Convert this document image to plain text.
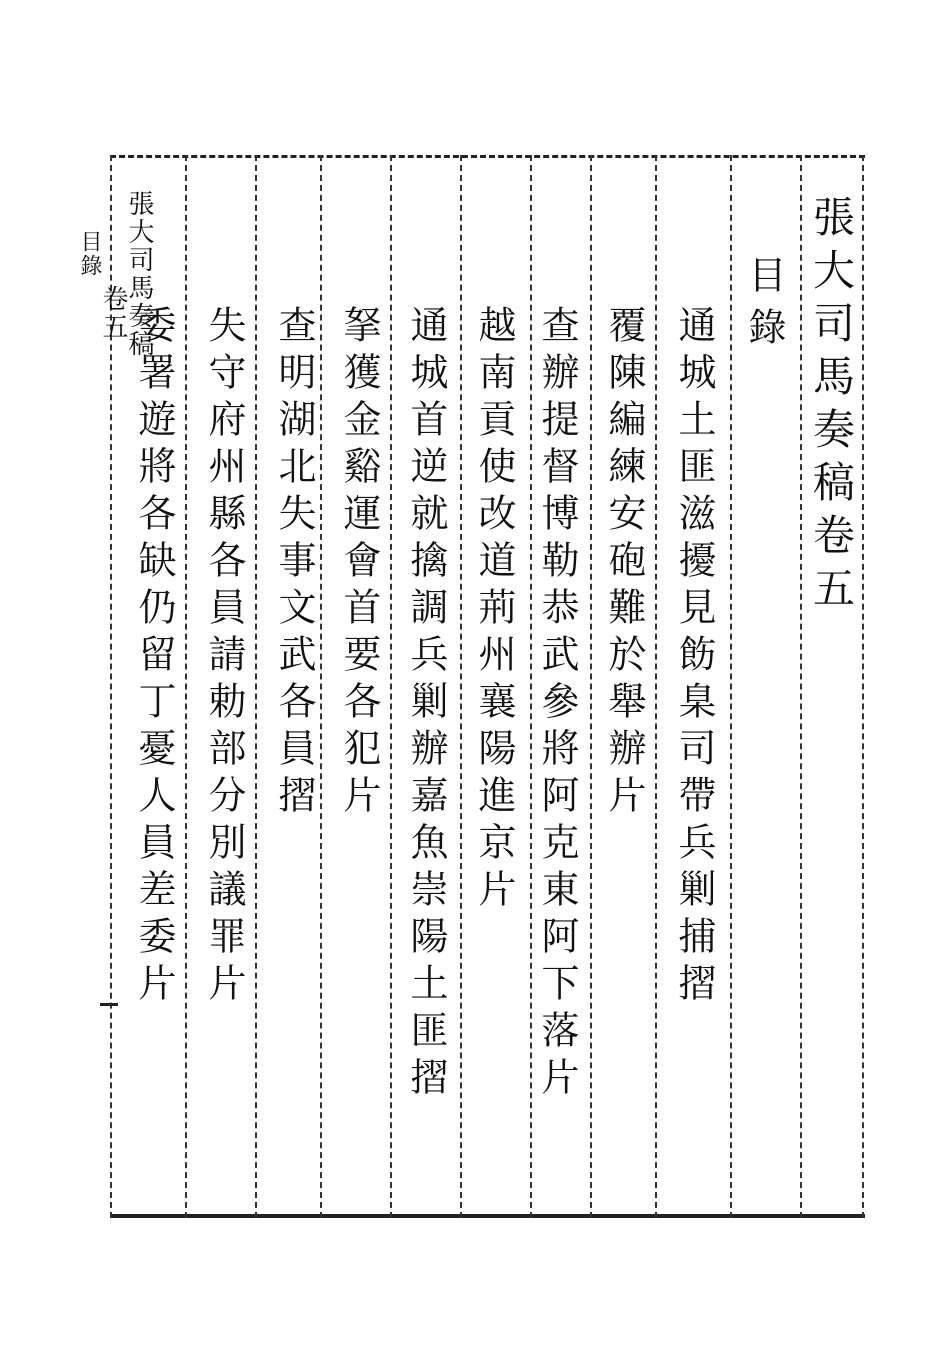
張大司馬奏稿卷五
目錄
通城土匪滋擾見飭臬司帶兵剿捕摺
覆陳編練安砲難於舉辦片
查辦提督博勒恭武參將阿克東阿下落片
越南貢使改道荊州襄陽進京片
通城首逆就擒調兵剿辦嘉魚崇陽土匪摺
拏獲金谿運會首要各犯片
查明湖北失事文武各員摺
失守府州縣各員請勅部分別議罪片
委署遊將各缺仍留丁憂人員差委片
張大司馬奏稿
卷五
目錄
